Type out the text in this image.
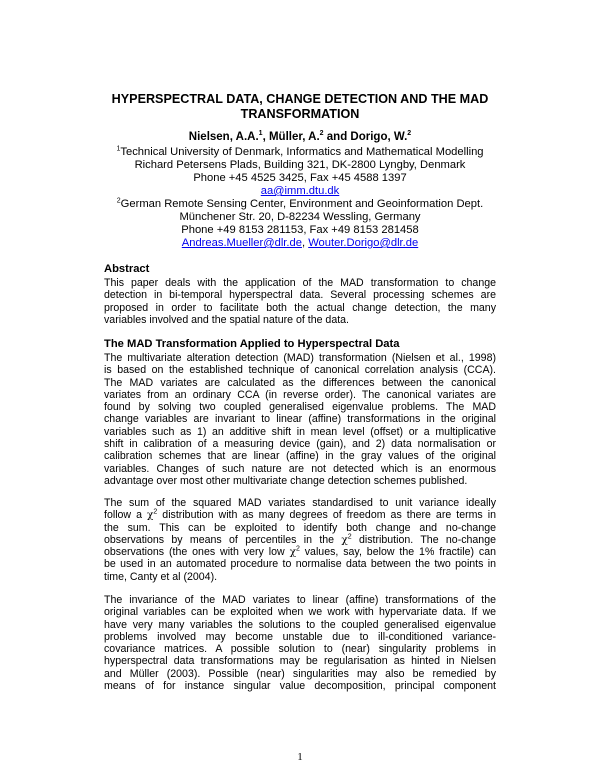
HYPERSPECTRAL DATA, CHANGE DETECTION AND THE MAD
TRANSFORMATION
Nielsen, A.A.$^1$, Müller, A.$^2$ and Dorigo, W.$^2$
$^1$Technical University of Denmark, Informatics and Mathematical Modelling
Richard Petersens Plads, Building 321, DK-2800 Lyngby, Denmark
Phone +45 4525 3425, Fax +45 4588 1397
aa@imm.dtu.dk
$^2$German Remote Sensing Center, Environment and Geoinformation Dept.
Münchener Str. 20, D-82234 Wessling, Germany
Phone +49 8153 281153, Fax +49 8153 281458
Andreas.Mueller@dlr.de, Wouter.Dorigo@dlr.de
Abstract
This paper deals with the application of the MAD transformation to change
detection in bi-temporal hyperspectral data. Several processing schemes are
proposed in order to facilitate both the actual change detection, the many
variables involved and the spatial nature of the data.
The MAD Transformation Applied to Hyperspectral Data
The multivariate alteration detection (MAD) transformation (Nielsen et al., 1998)
is based on the established technique of canonical correlation analysis (CCA).
The MAD variates are calculated as the differences between the canonical
variates from an ordinary CCA (in reverse order). The canonical variates are
found by solving two coupled generalised eigenvalue problems. The MAD
change variables are invariant to linear (affine) transformations in the original
variables such as 1) an additive shift in mean level (offset) or a multiplicative
shift in calibration of a measuring device (gain), and 2) data normalisation or
calibration schemes that are linear (affine) in the gray values of the original
variables. Changes of such nature are not detected which is an enormous
advantage over most other multivariate change detection schemes published.
The sum of the squared MAD variates standardised to unit variance ideally
follow a $\chi^2$ distribution with as many degrees of freedom as there are terms in
the sum. This can be exploited to identify both change and no-change
observations by means of percentiles in the $\chi^2$ distribution. The no-change
observations (the ones with very low $\chi^2$ values, say, below the 1% fractile) can
be used in an automated procedure to normalise data between the two points in
time, Canty et al (2004).
The invariance of the MAD variates to linear (affine) transformations of the
original variables can be exploited when we work with hypervariate data. If we
have very many variables the solutions to the coupled generalised eigenvalue
problems involved may become unstable due to ill-conditioned variance-
covariance matrices. A possible solution to (near) singularity problems in
hyperspectral data transformations may be regularisation as hinted in Nielsen
and Müller (2003). Possible (near) singularities may also be remedied by
means of for instance singular value decomposition, principal component
1
